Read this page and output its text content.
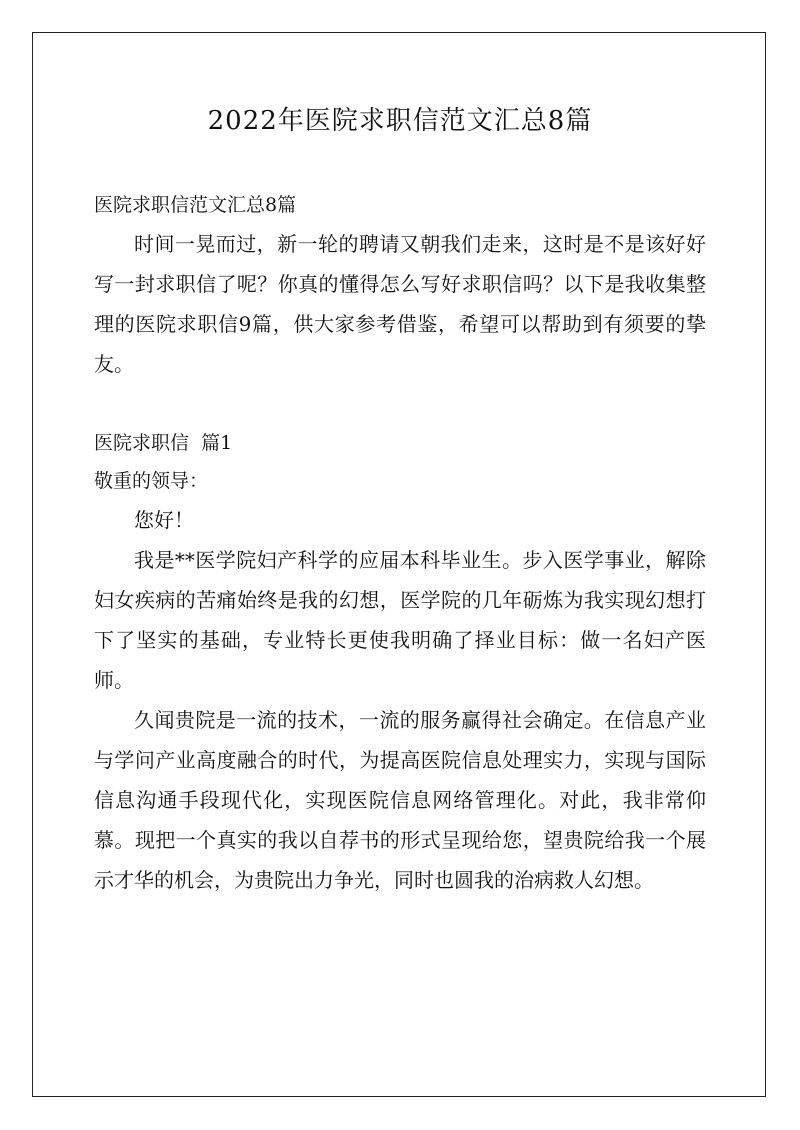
2022年医院求职信范文汇总8篇
医院求职信范文汇总8篇

时间一晃而过，新一轮的聘请又朝我们走来，这时是不是该好好写一封求职信了呢？你真的懂得怎么写好求职信吗？以下是我收集整理的医院求职信9篇，供大家参考借鉴，希望可以帮助到有须要的挚友。

医院求职信  篇1
敬重的领导：

您好！

我是**医学院妇产科学的应届本科毕业生。步入医学事业，解除妇女疾病的苦痛始终是我的幻想，医学院的几年砺炼为我实现幻想打下了坚实的基础，专业特长更使我明确了择业目标：做一名妇产医师。

久闻贵院是一流的技术，一流的服务赢得社会确定。在信息产业与学问产业高度融合的时代，为提高医院信息处理实力，实现与国际信息沟通手段现代化，实现医院信息网络管理化。对此，我非常仰慕。现把一个真实的我以自荐书的形式呈现给您，望贵院给我一个展示才华的机会，为贵院出力争光，同时也圆我的治病救人幻想。
